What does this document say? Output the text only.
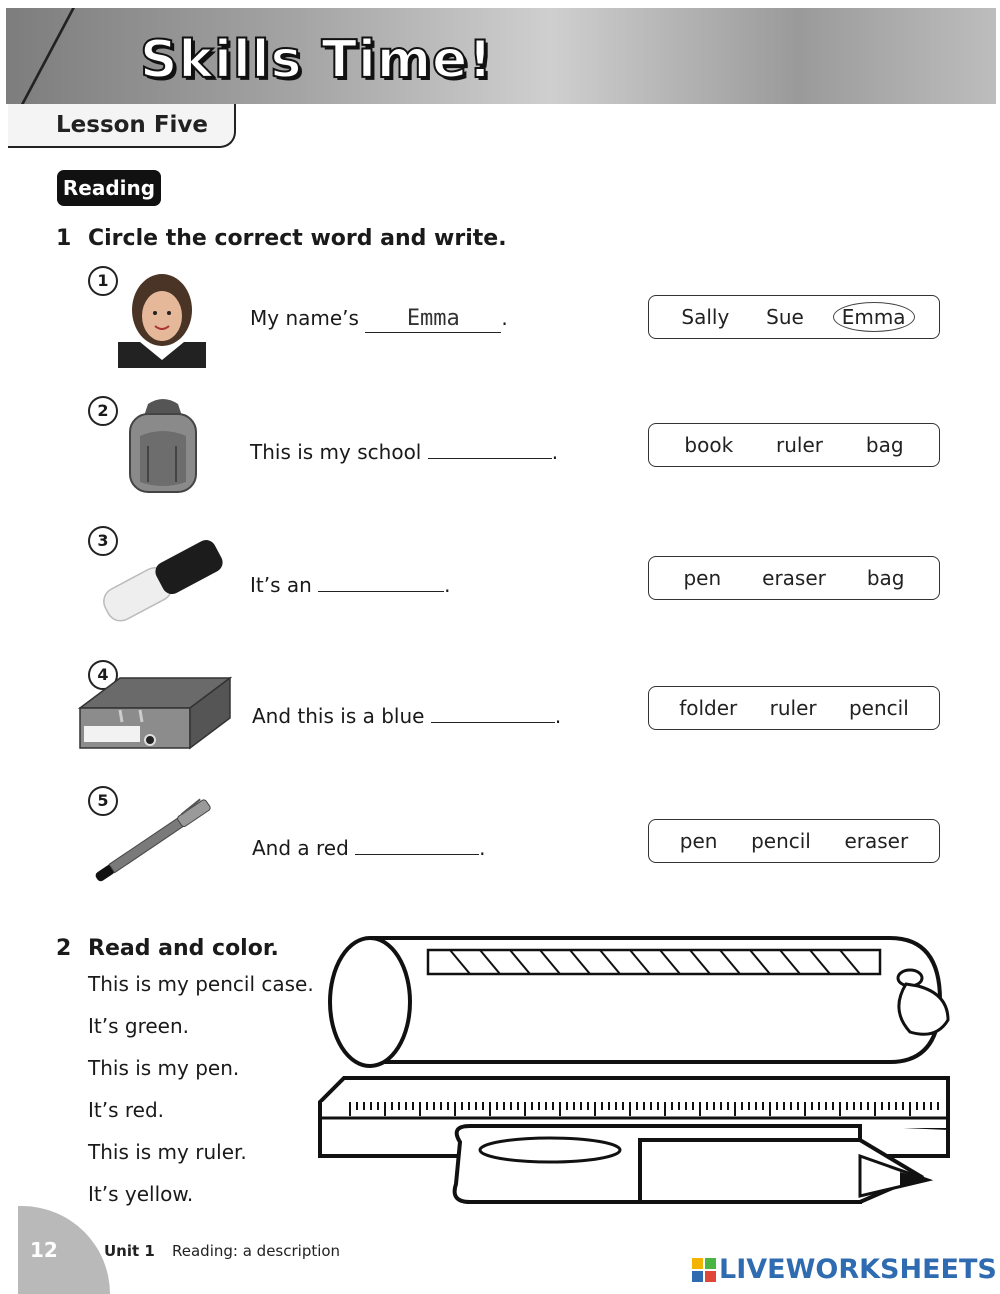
Skills Time!
Lesson Five
Reading
1 Circle the correct word and write.
1
My name’s Emma .	Sally	Sue	Emma
2
This is my school	.	book	ruler	bag
3
It’s an	.	pen	eraser	bag
4
And this is a blue	.	folder	ruler	pencil
5
And a red	.	pen	pencil	eraser
2 Read and color.
This is my pencil case.
It’s green.
This is my pen.
It’s red.
This is my ruler.
It’s yellow.
12	Unit 1 Reading: a description
LIVEWORKSHEETS
